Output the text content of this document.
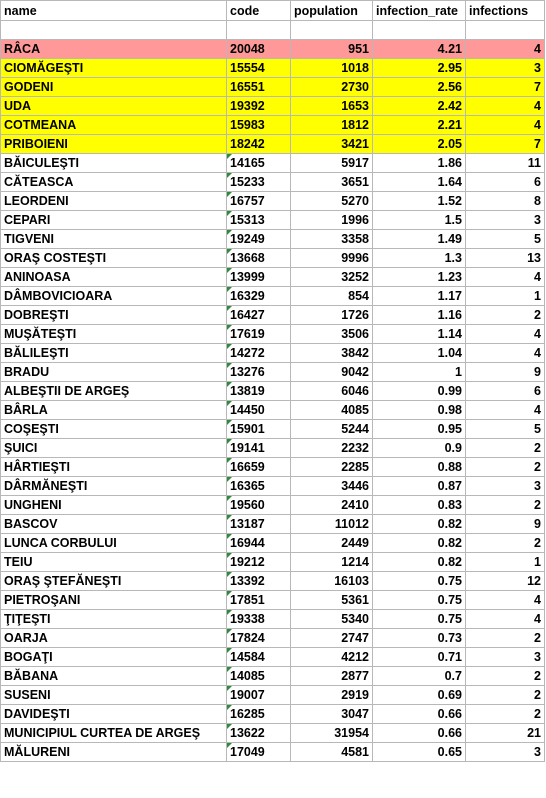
name	code	population	infection_rate	infections

RÂCA	20048	951	4.21	4
CIOMĂGEŞTI	15554	1018	2.95	3
GODENI	16551	2730	2.56	7
UDA	19392	1653	2.42	4
COTMEANA	15983	1812	2.21	4
PRIBOIENI	18242	3421	2.05	7
BĂICULEŞTI	14165	5917	1.86	11
CĂTEASCA	15233	3651	1.64	6
LEORDENI	16757	5270	1.52	8
CEPARI	15313	1996	1.5	3
TIGVENI	19249	3358	1.49	5
ORAŞ COSTEŞTI	13668	9996	1.3	13
ANINOASA	13999	3252	1.23	4
DÂMBOVICIOARA	16329	854	1.17	1
DOBREŞTI	16427	1726	1.16	2
MUŞĂTEŞTI	17619	3506	1.14	4
BĂLILEŞTI	14272	3842	1.04	4
BRADU	13276	9042	1	9
ALBEŞTII DE ARGEŞ	13819	6046	0.99	6
BÂRLA	14450	4085	0.98	4
COŞEŞTI	15901	5244	0.95	5
ŞUICI	19141	2232	0.9	2
HÂRTIEŞTI	16659	2285	0.88	2
DÂRMĂNEŞTI	16365	3446	0.87	3
UNGHENI	19560	2410	0.83	2
BASCOV	13187	11012	0.82	9
LUNCA CORBULUI	16944	2449	0.82	2
TEIU	19212	1214	0.82	1
ORAŞ ŞTEFĂNEŞTI	13392	16103	0.75	12
PIETROŞANI	17851	5361	0.75	4
ŢIŢEŞTI	19338	5340	0.75	4
OARJA	17824	2747	0.73	2
BOGAŢI	14584	4212	0.71	3
BĂBANA	14085	2877	0.7	2
SUSENI	19007	2919	0.69	2
DAVIDEŞTI	16285	3047	0.66	2
MUNICIPIUL CURTEA DE ARGEŞ	13622	31954	0.66	21
MĂLURENI	17049	4581	0.65	3
